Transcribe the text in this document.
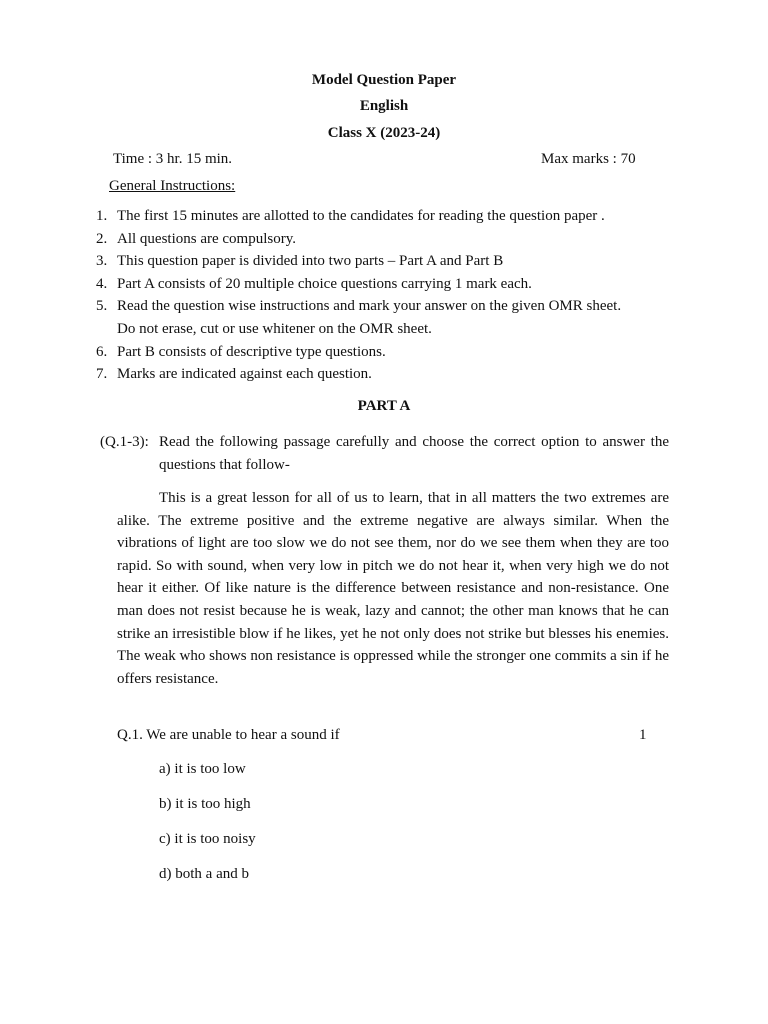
Model Question Paper
English
Class X (2023-24)
Time : 3 hr. 15 min.	Max marks : 70
General Instructions:
1. The first 15 minutes are allotted to the candidates for reading the question paper .
2. All questions are compulsory.
3. This question paper is divided into two parts – Part A and Part B
4. Part A consists of 20 multiple choice questions carrying 1 mark each.
5. Read the question wise instructions and mark your answer on the given OMR sheet. Do not erase, cut or use whitener on the OMR sheet.
6. Part B consists of descriptive type questions.
7. Marks are indicated against each question.
PART A
(Q.1-3): Read the following passage carefully and choose the correct option to answer the questions that follow-
This is a great lesson for all of us to learn, that in all matters the two extremes are alike. The extreme positive and the extreme negative are always similar. When the vibrations of light are too slow we do not see them, nor do we see them when they are too rapid. So with sound, when very low in pitch we do not hear it, when very high we do not hear it either. Of like nature is the difference between resistance and non-resistance. One man does not resist because he is weak, lazy and cannot; the other man knows that he can strike an irresistible blow if he likes, yet he not only does not strike but blesses his enemies. The weak who shows non resistance is oppressed while the stronger one commits a sin if he offers resistance.
Q.1. We are unable to hear a sound if	1
a) it is too low
b) it is too high
c) it is too noisy
d) both a and b
